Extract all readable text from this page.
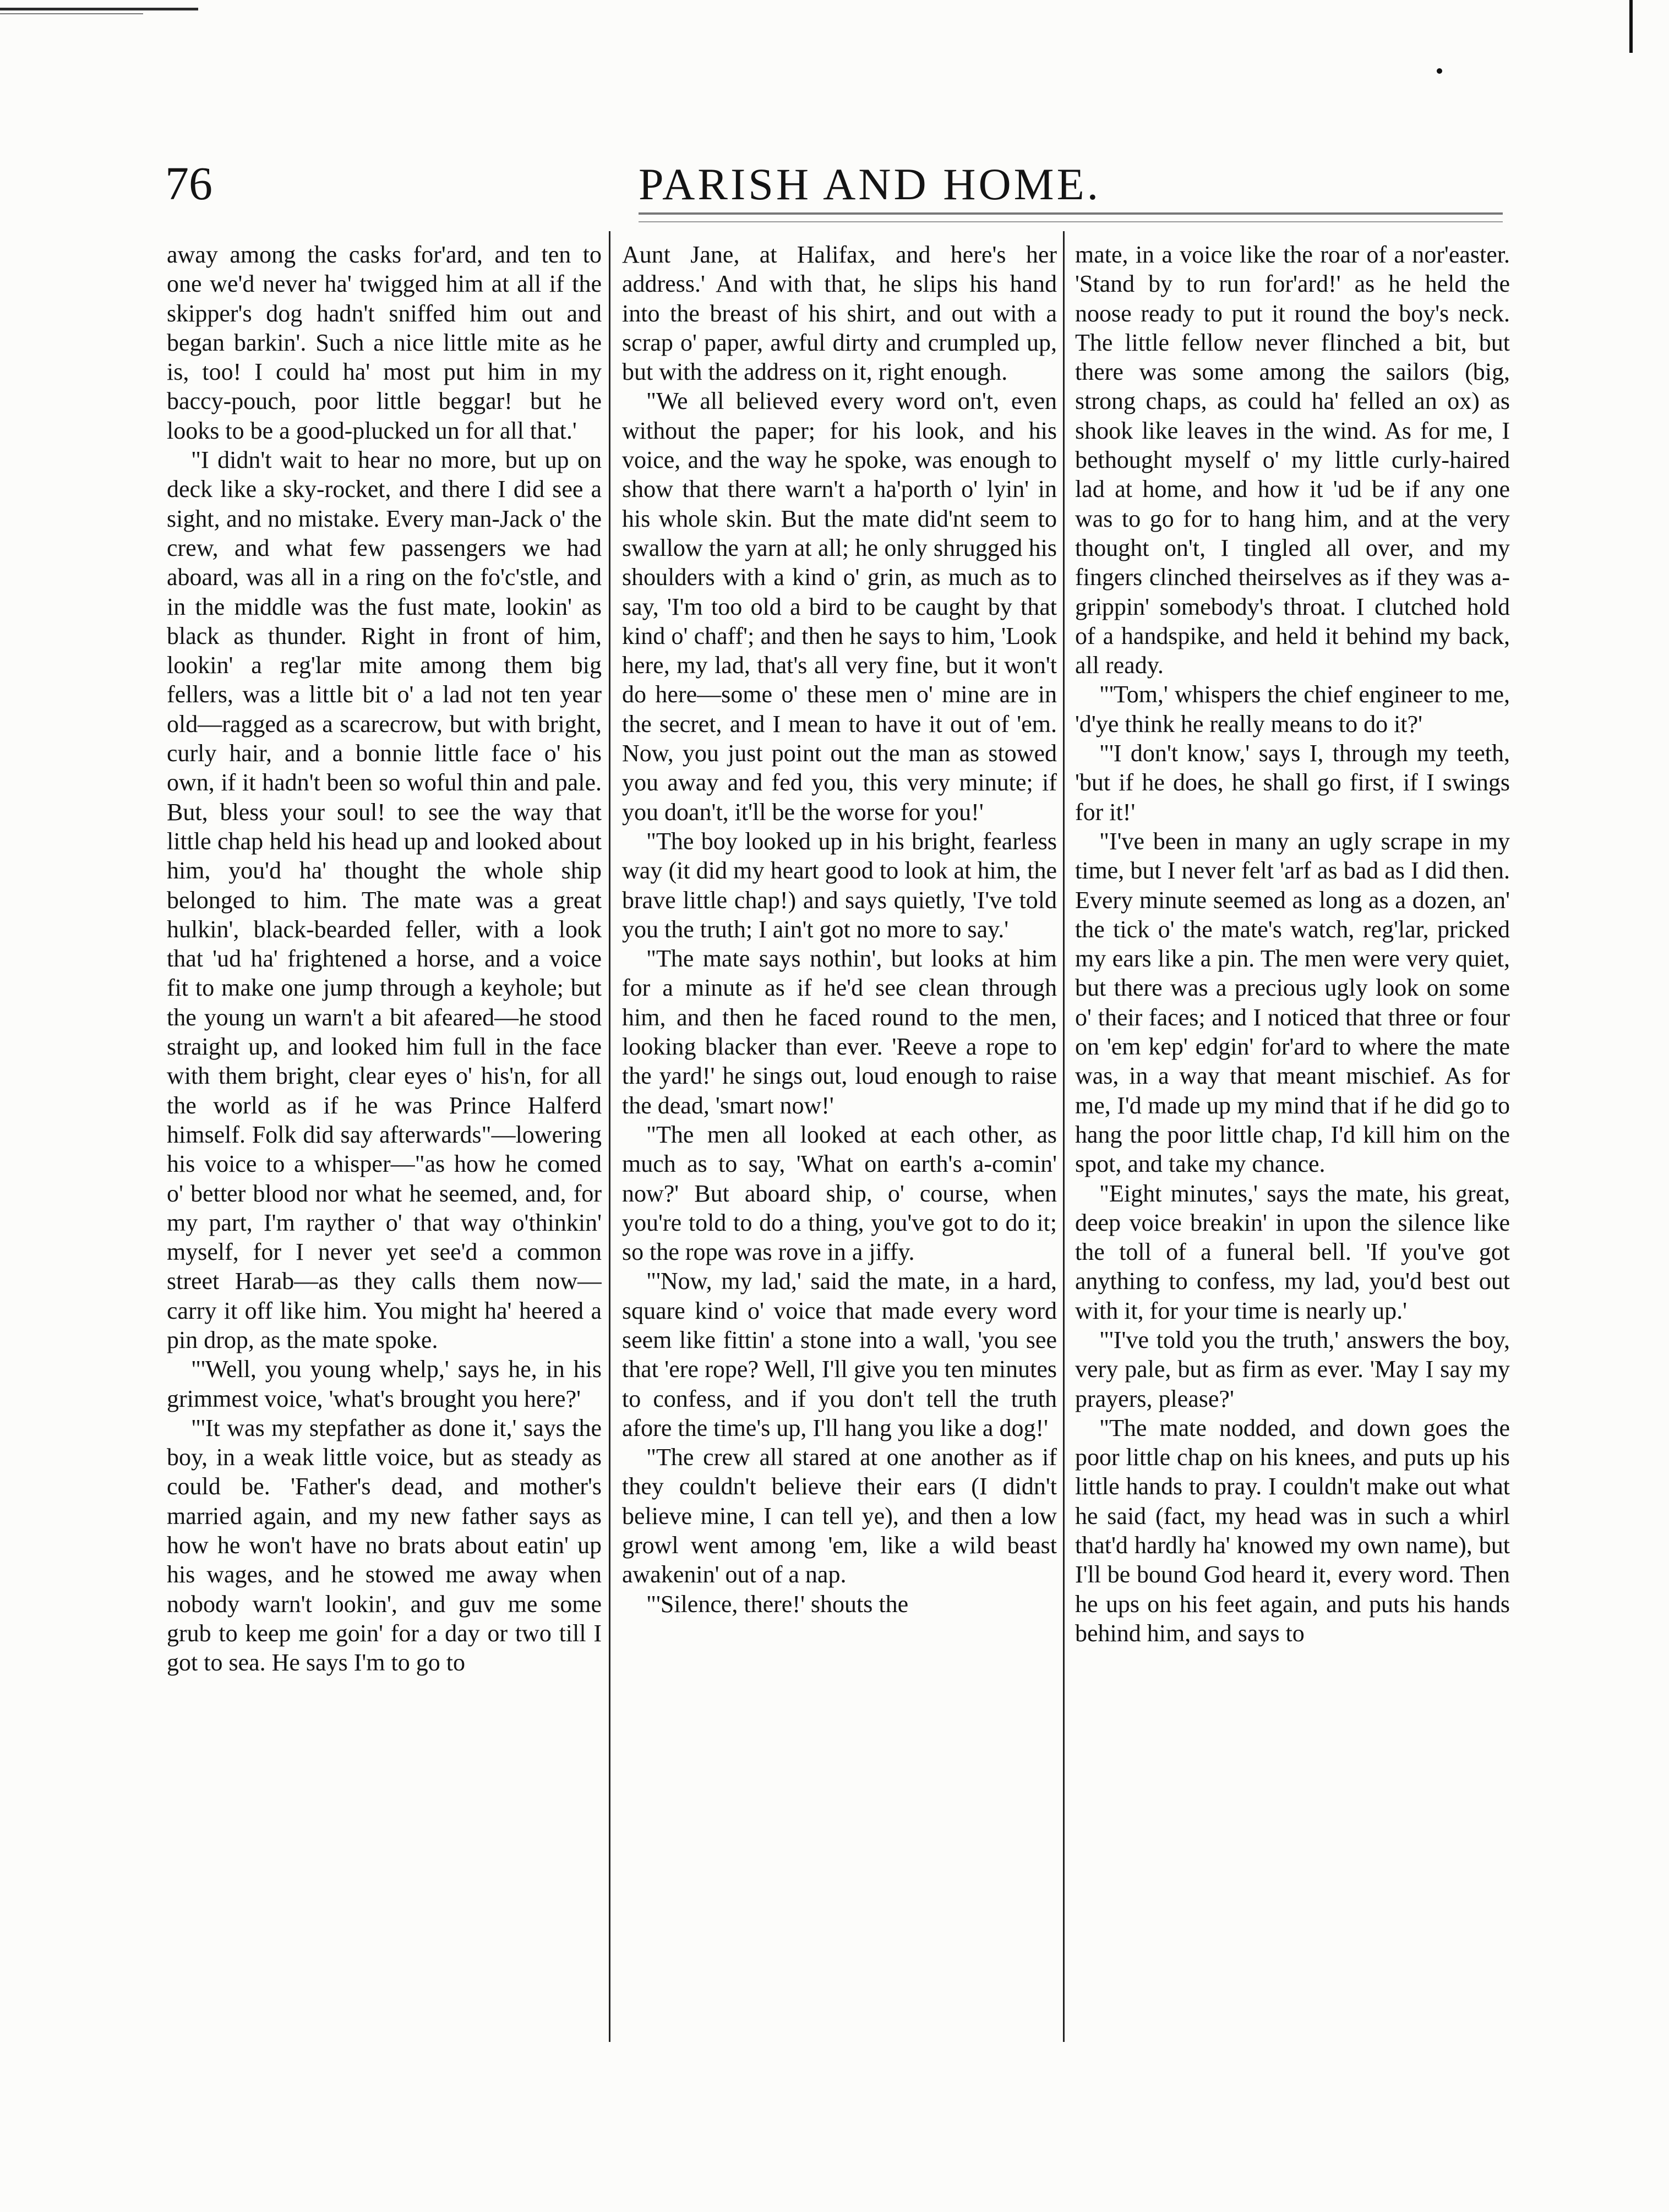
76	PARISH AND HOME.

away among the casks for'ard, and ten to one we'd never ha' twigged him at all if the skipper's dog hadn't sniffed him out and began barkin'. Such a nice little mite as he is, too! I could ha' most put him in my baccy-pouch, poor little beggar! but he looks to be a good-plucked un for all that.'

"I didn't wait to hear no more, but up on deck like a sky-rocket, and there I did see a sight, and no mistake. Every man-Jack o' the crew, and what few passengers we had aboard, was all in a ring on the fo'c'stle, and in the middle was the fust mate, lookin' as black as thunder. Right in front of him, lookin' a reg'lar mite among them big fellers, was a little bit o' a lad not ten year old—ragged as a scarecrow, but with bright, curly hair, and a bonnie little face o' his own, if it hadn't been so woful thin and pale. But, bless your soul! to see the way that little chap held his head up and looked about him, you'd ha' thought the whole ship belonged to him. The mate was a great hulkin', black-bearded feller, with a look that 'ud ha' frightened a horse, and a voice fit to make one jump through a keyhole; but the young un warn't a bit afeared—he stood straight up, and looked him full in the face with them bright, clear eyes o' his'n, for all the world as if he was Prince Halferd himself. Folk did say afterwards"—lowering his voice to a whisper—"as how he comed o' better blood nor what he seemed, and, for my part, I'm rayther o' that way o'thinkin' myself, for I never yet see'd a common street Harab—as they calls them now—carry it off like him. You might ha' heered a pin drop, as the mate spoke.

"'Well, you young whelp,' says he, in his grimmest voice, 'what's brought you here?'

"'It was my stepfather as done it,' says the boy, in a weak little voice, but as steady as could be. 'Father's dead, and mother's married again, and my new father says as how he won't have no brats about eatin' up his wages, and he stowed me away when nobody warn't lookin', and guv me some grub to keep me goin' for a day or two till I got to sea. He says I'm to go to

Aunt Jane, at Halifax, and here's her address.' And with that, he slips his hand into the breast of his shirt, and out with a scrap o' paper, awful dirty and crumpled up, but with the address on it, right enough.

"We all believed every word on't, even without the paper; for his look, and his voice, and the way he spoke, was enough to show that there warn't a ha'porth o' lyin' in his whole skin. But the mate did'nt seem to swallow the yarn at all; he only shrugged his shoulders with a kind o' grin, as much as to say, 'I'm too old a bird to be caught by that kind o' chaff'; and then he says to him, 'Look here, my lad, that's all very fine, but it won't do here—some o' these men o' mine are in the secret, and I mean to have it out of 'em. Now, you just point out the man as stowed you away and fed you, this very minute; if you doan't, it'll be the worse for you!'

"The boy looked up in his bright, fearless way (it did my heart good to look at him, the brave little chap!) and says quietly, 'I've told you the truth; I ain't got no more to say.'

"The mate says nothin', but looks at him for a minute as if he'd see clean through him, and then he faced round to the men, looking blacker than ever. 'Reeve a rope to the yard!' he sings out, loud enough to raise the dead, 'smart now!'

"The men all looked at each other, as much as to say, 'What on earth's a-comin' now?' But aboard ship, o' course, when you're told to do a thing, you've got to do it; so the rope was rove in a jiffy.

"'Now, my lad,' said the mate, in a hard, square kind o' voice that made every word seem like fittin' a stone into a wall, 'you see that 'ere rope? Well, I'll give you ten minutes to confess, and if you don't tell the truth afore the time's up, I'll hang you like a dog!'

"The crew all stared at one another as if they couldn't believe their ears (I didn't believe mine, I can tell ye), and then a low growl went among 'em, like a wild beast awakenin' out of a nap.

"'Silence, there!' shouts the

mate, in a voice like the roar of a nor'easter. 'Stand by to run for'ard!' as he held the noose ready to put it round the boy's neck. The little fellow never flinched a bit, but there was some among the sailors (big, strong chaps, as could ha' felled an ox) as shook like leaves in the wind. As for me, I bethought myself o' my little curly-haired lad at home, and how it 'ud be if any one was to go for to hang him, and at the very thought on't, I tingled all over, and my fingers clinched theirselves as if they was a-grippin' somebody's throat. I clutched hold of a handspike, and held it behind my back, all ready.

"'Tom,' whispers the chief engineer to me, 'd'ye think he really means to do it?'

"'I don't know,' says I, through my teeth, 'but if he does, he shall go first, if I swings for it!'

"I've been in many an ugly scrape in my time, but I never felt 'arf as bad as I did then. Every minute seemed as long as a dozen, an' the tick o' the mate's watch, reg'lar, pricked my ears like a pin. The men were very quiet, but there was a precious ugly look on some o' their faces; and I noticed that three or four on 'em kep' edgin' for'ard to where the mate was, in a way that meant mischief. As for me, I'd made up my mind that if he did go to hang the poor little chap, I'd kill him on the spot, and take my chance.

"Eight minutes,' says the mate, his great, deep voice breakin' in upon the silence like the toll of a funeral bell. 'If you've got anything to confess, my lad, you'd best out with it, for your time is nearly up.'

"'I've told you the truth,' answers the boy, very pale, but as firm as ever. 'May I say my prayers, please?'

"The mate nodded, and down goes the poor little chap on his knees, and puts up his little hands to pray. I couldn't make out what he said (fact, my head was in such a whirl that'd hardly ha' knowed my own name), but I'll be bound God heard it, every word. Then he ups on his feet again, and puts his hands behind him, and says to
